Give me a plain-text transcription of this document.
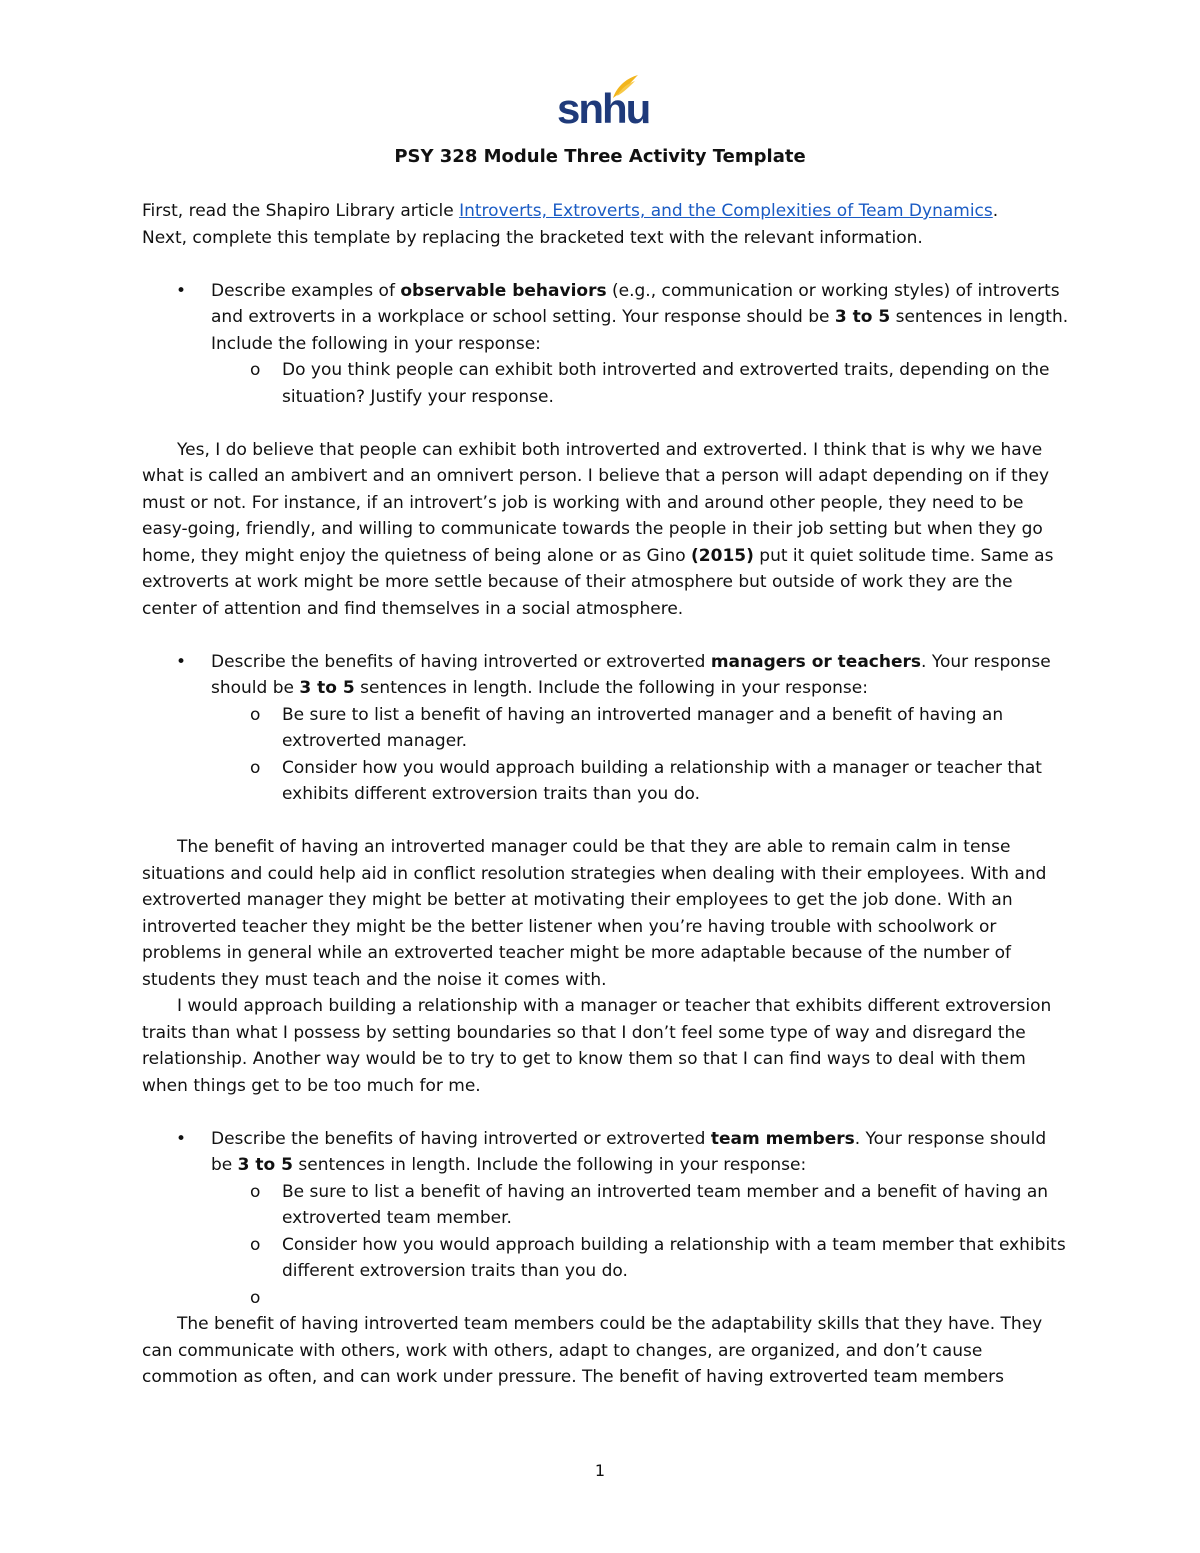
snhu
PSY 328 Module Three Activity Template

First, read the Shapiro Library article Introverts, Extroverts, and the Complexities of Team Dynamics.

Next, complete this template by replacing the bracketed text with the relevant information.

• Describe examples of observable behaviors (e.g., communication or working styles) of introverts and extroverts in a workplace or school setting. Your response should be 3 to 5 sentences in length. Include the following in your response:

o Do you think people can exhibit both introverted and extroverted traits, depending on the situation? Justify your response.

Yes, I do believe that people can exhibit both introverted and extroverted. I think that is why we have what is called an ambivert and an omnivert person. I believe that a person will adapt depending on if they must or not. For instance, if an introvert’s job is working with and around other people, they need to be easy-going, friendly, and willing to communicate towards the people in their job setting but when they go home, they might enjoy the quietness of being alone or as Gino (2015) put it quiet solitude time. Same as extroverts at work might be more settle because of their atmosphere but outside of work they are the center of attention and find themselves in a social atmosphere.

• Describe the benefits of having introverted or extroverted managers or teachers. Your response should be 3 to 5 sentences in length. Include the following in your response:

o Be sure to list a benefit of having an introverted manager and a benefit of having an extroverted manager.

o Consider how you would approach building a relationship with a manager or teacher that exhibits different extroversion traits than you do.

The benefit of having an introverted manager could be that they are able to remain calm in tense situations and could help aid in conflict resolution strategies when dealing with their employees. With and extroverted manager they might be better at motivating their employees to get the job done. With an introverted teacher they might be the better listener when you’re having trouble with schoolwork or problems in general while an extroverted teacher might be more adaptable because of the number of students they must teach and the noise it comes with.

I would approach building a relationship with a manager or teacher that exhibits different extroversion traits than what I possess by setting boundaries so that I don’t feel some type of way and disregard the relationship. Another way would be to try to get to know them so that I can find ways to deal with them when things get to be too much for me.

• Describe the benefits of having introverted or extroverted team members. Your response should be 3 to 5 sentences in length. Include the following in your response:

o Be sure to list a benefit of having an introverted team member and a benefit of having an extroverted team member.

o Consider how you would approach building a relationship with a team member that exhibits different extroversion traits than you do.

o

The benefit of having introverted team members could be the adaptability skills that they have. They can communicate with others, work with others, adapt to changes, are organized, and don’t cause commotion as often, and can work under pressure. The benefit of having extroverted team members

1
